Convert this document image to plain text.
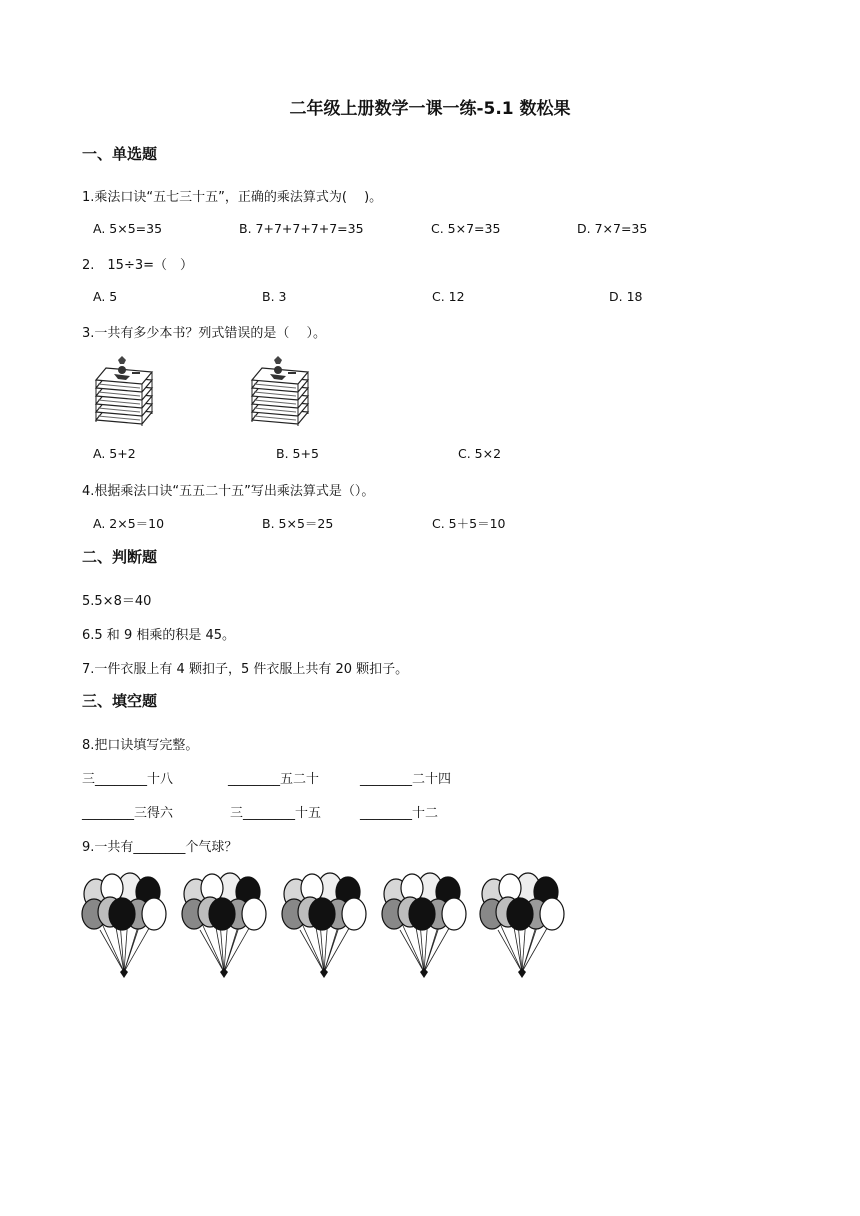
二年级上册数学一课一练-5.1 数松果
一、单选题
1.乘法口诀“五七三十五”，正确的乘法算式为(　 )。
A. 5×5=35	B. 7+7+7+7+7=35	C. 5×7=35	D. 7×7=35
2.　15÷3=（　）
A. 5	B. 3	C. 12	D. 18
3.一共有多少本书？列式错误的是（　 ）。
A. 5+2	B. 5+5	C. 5×2
4.根据乘法口诀“五五二十五”写出乘法算式是（）。
A. 2×5＝10	B. 5×5＝25	C. 5＋5＝10
二、判断题
5.5×8＝40
6.5 和 9 相乘的积是 45。
7.一件衣服上有 4 颗扣子，5 件衣服上共有 20 颗扣子。
三、填空题
8.把口诀填写完整。
三________十八	________五二十	________二十四
________三得六	三________十五	________十二
9.一共有________个气球？
